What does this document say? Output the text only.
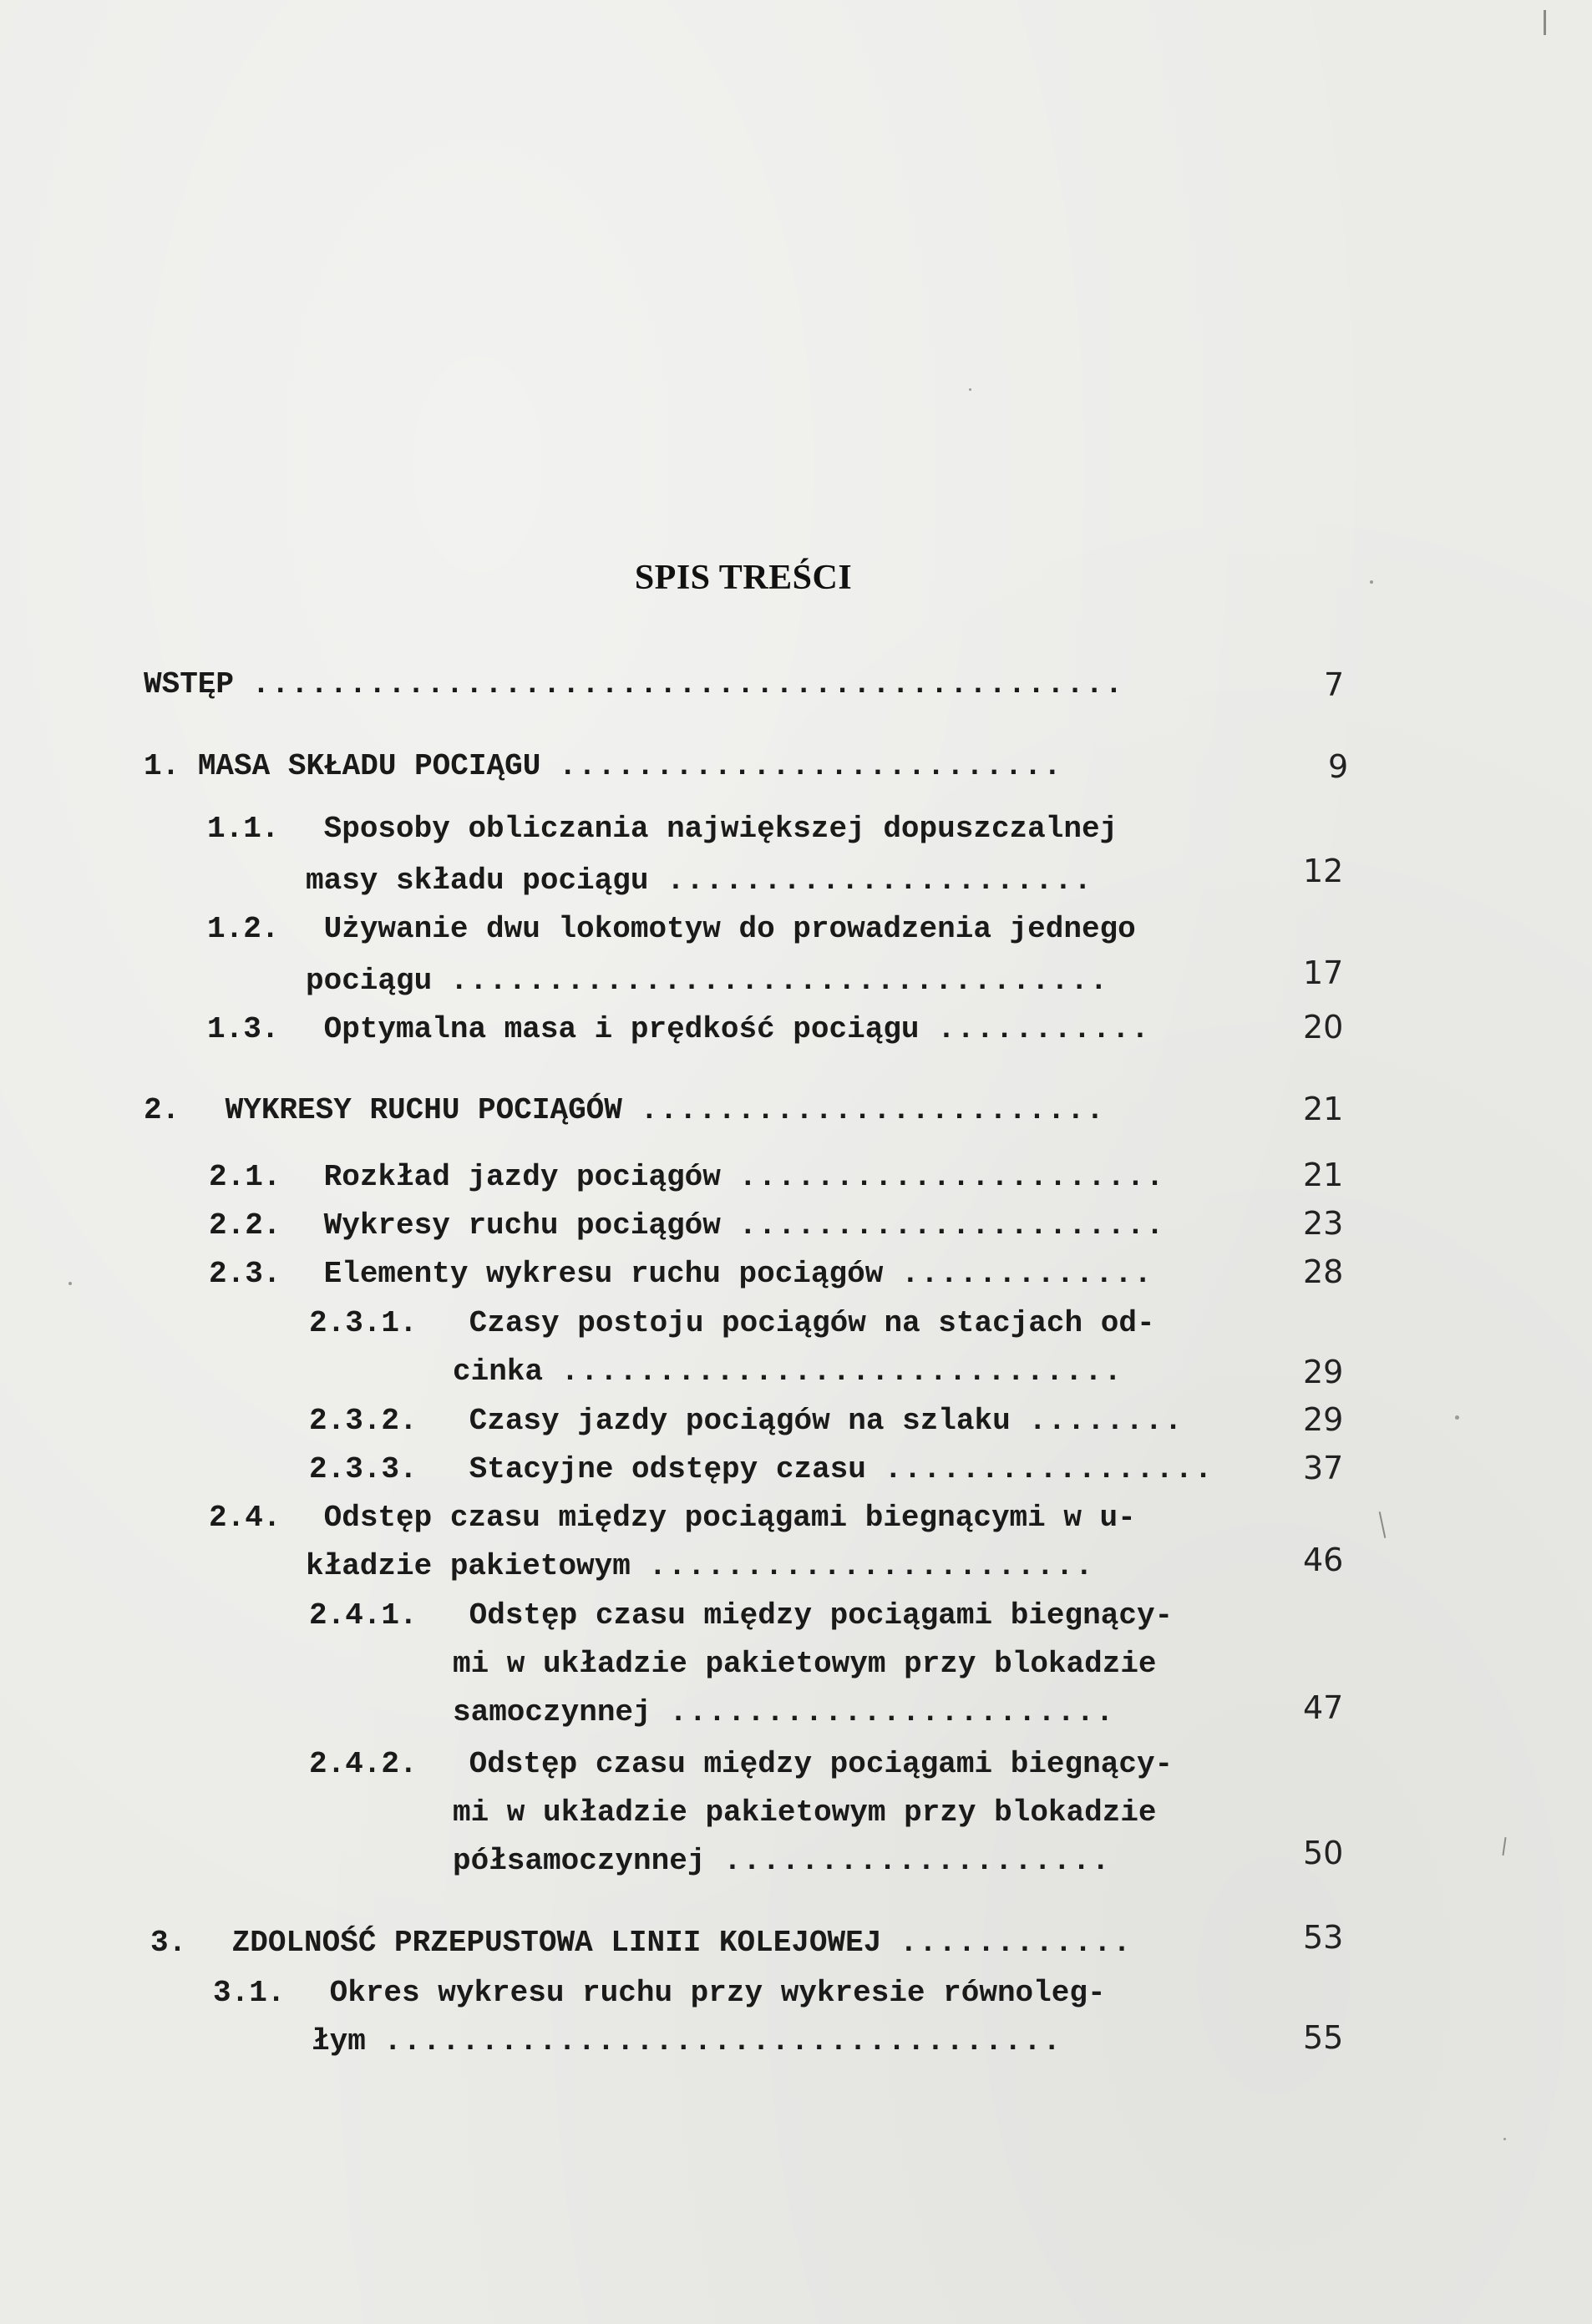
SPIS TREŚCI
WSTĘP .............................................	7
1. MASA SKŁADU POCIĄGU ..........................	9
1.1. Sposoby obliczania największej dopuszczalnej
masy składu pociągu ......................	12
1.2. Używanie dwu lokomotyw do prowadzenia jednego
pociągu ..................................	17
1.3. Optymalna masa i prędkość pociągu ...........	20
2. WYKRESY RUCHU POCIĄGÓW ........................	21
2.1. Rozkład jazdy pociągów ......................	21
2.2. Wykresy ruchu pociągów ......................	23
2.3. Elementy wykresu ruchu pociągów .............	28
2.3.1. Czasy postoju pociągów na stacjach od-
cinka .............................	29
2.3.2. Czasy jazdy pociągów na szlaku ........	29
2.3.3. Stacyjne odstępy czasu .................	37
2.4. Odstęp czasu między pociągami biegnącymi w u-
kładzie pakietowym .......................	46
2.4.1. Odstęp czasu między pociągami biegnący-
mi w układzie pakietowym przy blokadzie
samoczynnej .......................	47
2.4.2. Odstęp czasu między pociągami biegnący-
mi w układzie pakietowym przy blokadzie
półsamoczynnej ....................	50
3. ZDOLNOŚĆ PRZEPUSTOWA LINII KOLEJOWEJ ............	53
3.1. Okres wykresu ruchu przy wykresie równoleg-
łym ...................................	55
